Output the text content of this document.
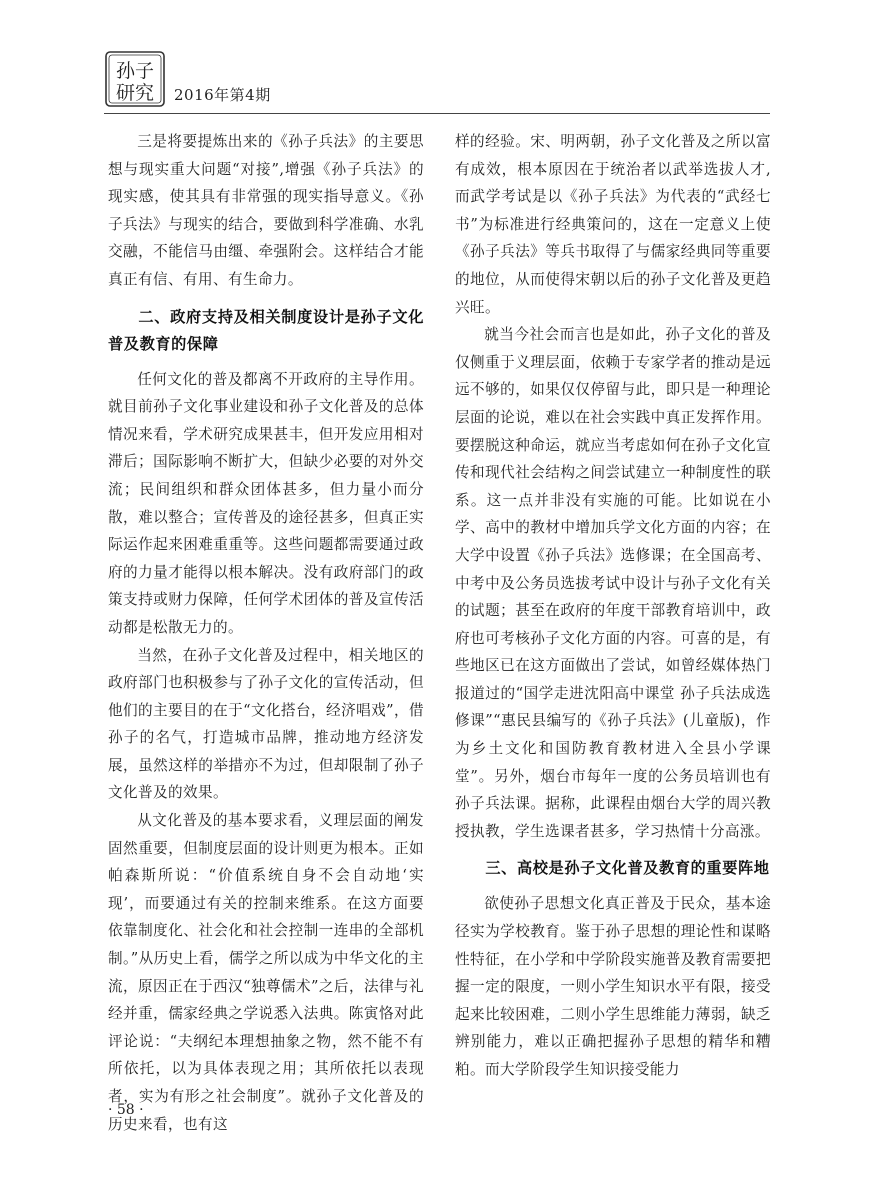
孙子
研究 2016年第4期

三是将要提炼出来的《孙子兵法》的主要思想与现实重大问题“对接”,增强《孙子兵法》的现实感，使其具有非常强的现实指导意义。《孙子兵法》与现实的结合，要做到科学准确、水乳交融，不能信马由缰、牵强附会。这样结合才能真正有信、有用、有生命力。

二、政府支持及相关制度设计是孙子文化普及教育的保障

任何文化的普及都离不开政府的主导作用。就目前孙子文化事业建设和孙子文化普及的总体情况来看，学术研究成果甚丰，但开发应用相对滞后；国际影响不断扩大，但缺少必要的对外交流；民间组织和群众团体甚多，但力量小而分散，难以整合；宣传普及的途径甚多，但真正实际运作起来困难重重等。这些问题都需要通过政府的力量才能得以根本解决。没有政府部门的政策支持或财力保障，任何学术团体的普及宣传活动都是松散无力的。

当然，在孙子文化普及过程中，相关地区的政府部门也积极参与了孙子文化的宣传活动，但他们的主要目的在于“文化搭台，经济唱戏”，借孙子的名气，打造城市品牌，推动地方经济发展，虽然这样的举措亦不为过，但却限制了孙子文化普及的效果。

从文化普及的基本要求看，义理层面的阐发固然重要，但制度层面的设计则更为根本。正如帕森斯所说：“价值系统自身不会自动地‘实现’，而要通过有关的控制来维系。在这方面要依靠制度化、社会化和社会控制一连串的全部机制。”从历史上看，儒学之所以成为中华文化的主流，原因正在于西汉“独尊儒术”之后，法律与礼经并重，儒家经典之学说悉入法典。陈寅恪对此评论说：“夫纲纪本理想抽象之物，然不能不有所依托，以为具体表现之用；其所依托以表现者，实为有形之社会制度”。就孙子文化普及的历史来看，也有这

样的经验。宋、明两朝，孙子文化普及之所以富有成效，根本原因在于统治者以武举选拔人才,而武学考试是以《孙子兵法》为代表的“武经七书”为标准进行经典策问的，这在一定意义上使《孙子兵法》等兵书取得了与儒家经典同等重要的地位，从而使得宋朝以后的孙子文化普及更趋兴旺。

就当今社会而言也是如此，孙子文化的普及仅侧重于义理层面，依赖于专家学者的推动是远远不够的，如果仅仅停留与此，即只是一种理论层面的论说，难以在社会实践中真正发挥作用。要摆脱这种命运，就应当考虑如何在孙子文化宣传和现代社会结构之间尝试建立一种制度性的联系。这一点并非没有实施的可能。比如说在小学、高中的教材中增加兵学文化方面的内容；在大学中设置《孙子兵法》选修课；在全国高考、中考中及公务员选拔考试中设计与孙子文化有关的试题；甚至在政府的年度干部教育培训中，政府也可考核孙子文化方面的内容。可喜的是，有些地区已在这方面做出了尝试，如曾经媒体热门报道过的“国学走进沈阳高中课堂 孙子兵法成选修课”“惠民县编写的《孙子兵法》(儿童版)，作为乡土文化和国防教育教材进入全县小学课堂”。另外，烟台市每年一度的公务员培训也有孙子兵法课。据称，此课程由烟台大学的周兴教授执教，学生选课者甚多，学习热情十分高涨。

三、高校是孙子文化普及教育的重要阵地

欲使孙子思想文化真正普及于民众，基本途径实为学校教育。鉴于孙子思想的理论性和谋略性特征，在小学和中学阶段实施普及教育需要把握一定的限度，一则小学生知识水平有限，接受起来比较困难，二则小学生思维能力薄弱，缺乏辨别能力，难以正确把握孙子思想的精华和糟粕。而大学阶段学生知识接受能力

· 58 ·
